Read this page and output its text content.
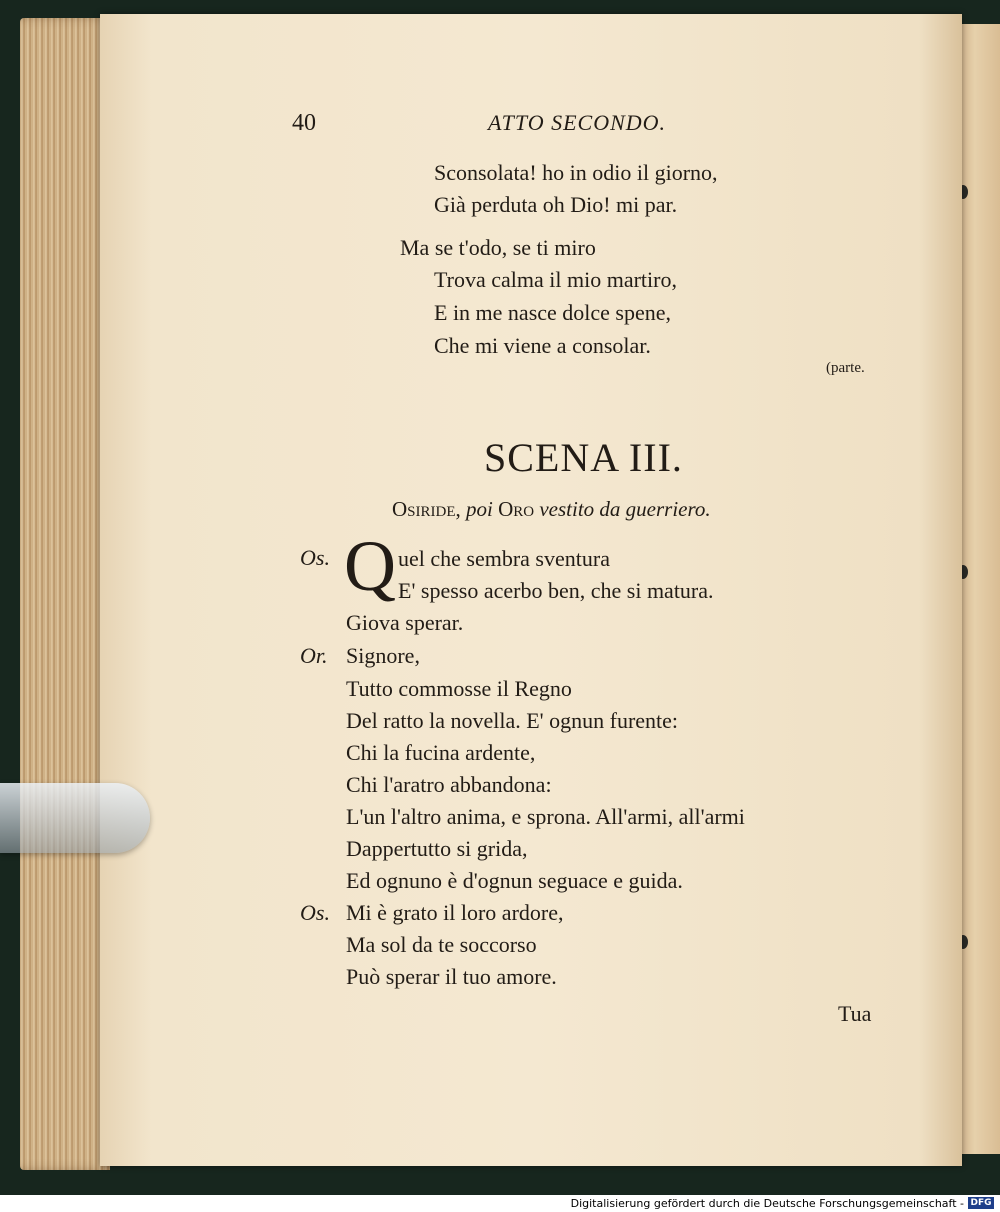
40	ATTO SECONDO.
Sconsolata! ho in odio il giorno,
Già perduta oh Dio! mi par.
Ma se t'odo, se ti miro
Trova calma il mio martiro,
E in me nasce dolce spene,
Che mi viene a consolar.
(parte.
SCENA III.
Osiride, poi Oro vestito da guerriero.
Os. Q uel che sembra sventura
E' spesso acerbo ben, che si matura.
Giova sperar.
Or. Signore,
Tutto commosse il Regno
Del ratto la novella. E' ognun furente:
Chi la fucina ardente,
Chi l'aratro abbandona:
L'un l'altro anima, e sprona. All'armi, all'armi
Dappertutto si grida,
Ed ognuno è d'ognun seguace e guida.
Os. Mi è grato il loro ardore,
Ma sol da te soccorso
Può sperar il tuo amore.
Tua
Digitalisierung gefördert durch die Deutsche Forschungsgemeinschaft - DFG
